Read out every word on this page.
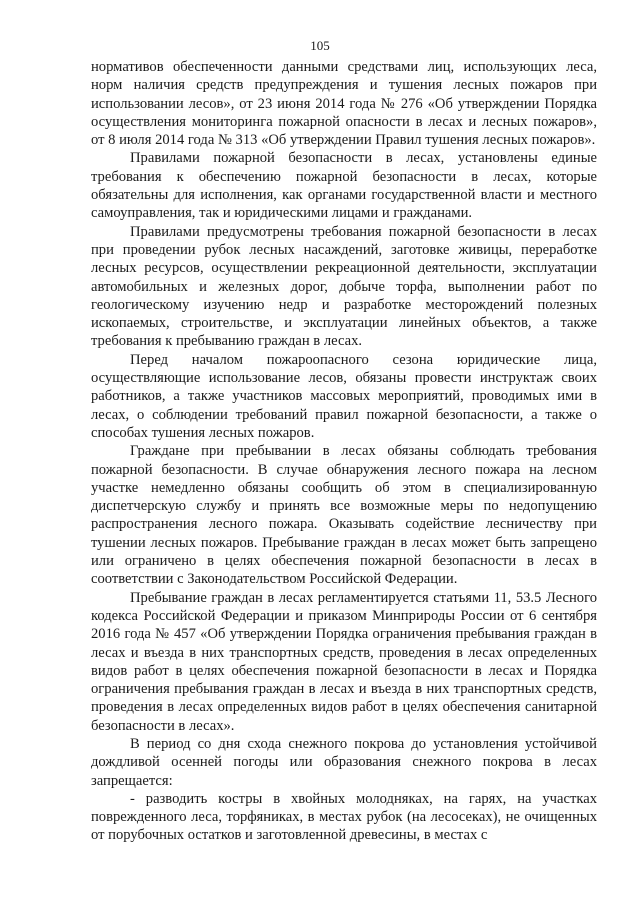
105

нормативов обеспеченности данными средствами лиц, использующих леса, норм наличия средств предупреждения и тушения лесных пожаров при использовании лесов», от 23 июня 2014 года № 276 «Об утверждении Порядка осуществления мониторинга пожарной опасности в лесах и лесных пожаров», от 8 июля 2014 года № 313 «Об утверждении Правил тушения лесных пожаров».

Правилами пожарной безопасности в лесах, установлены единые требования к обеспечению пожарной безопасности в лесах, которые обязательны для исполнения, как органами государственной власти и местного самоуправления, так и юридическими лицами и гражданами.

Правилами предусмотрены требования пожарной безопасности в лесах при проведении рубок лесных насаждений, заготовке живицы, переработке лесных ресурсов, осуществлении рекреационной деятельности, эксплуатации автомобильных и железных дорог, добыче торфа, выполнении работ по геологическому изучению недр и разработке месторождений полезных ископаемых, строительстве, и эксплуатации линейных объектов, а также требования к пребыванию граждан в лесах.

Перед началом пожароопасного сезона юридические лица, осуществляющие использование лесов, обязаны провести инструктаж своих работников, а также участников массовых мероприятий, проводимых ими в лесах, о соблюдении требований правил пожарной безопасности, а также о способах тушения лесных пожаров.

Граждане при пребывании в лесах обязаны соблюдать требования пожарной безопасности. В случае обнаружения лесного пожара на лесном участке немедленно обязаны сообщить об этом в специализированную диспетчерскую службу и принять все возможные меры по недопущению распространения лесного пожара. Оказывать содействие лесничеству при тушении лесных пожаров. Пребывание граждан в лесах может быть запрещено или ограничено в целях обеспечения пожарной безопасности в лесах в соответствии с Законодательством Российской Федерации.

Пребывание граждан в лесах регламентируется статьями 11, 53.5 Лесного кодекса Российской Федерации и приказом Минприроды России от 6 сентября 2016 года № 457 «Об утверждении Порядка ограничения пребывания граждан в лесах и въезда в них транспортных средств, проведения в лесах определенных видов работ в целях обеспечения пожарной безопасности в лесах и Порядка ограничения пребывания граждан в лесах и въезда в них транспортных средств, проведения в лесах определенных видов работ в целях обеспечения санитарной безопасности в лесах».

В период со дня схода снежного покрова до установления устойчивой дождливой осенней погоды или образования снежного покрова в лесах запрещается:

- разводить костры в хвойных молодняках, на гарях, на участках поврежденного леса, торфяниках, в местах рубок (на лесосеках), не очищенных от порубочных остатков и заготовленной древесины, в местах с
